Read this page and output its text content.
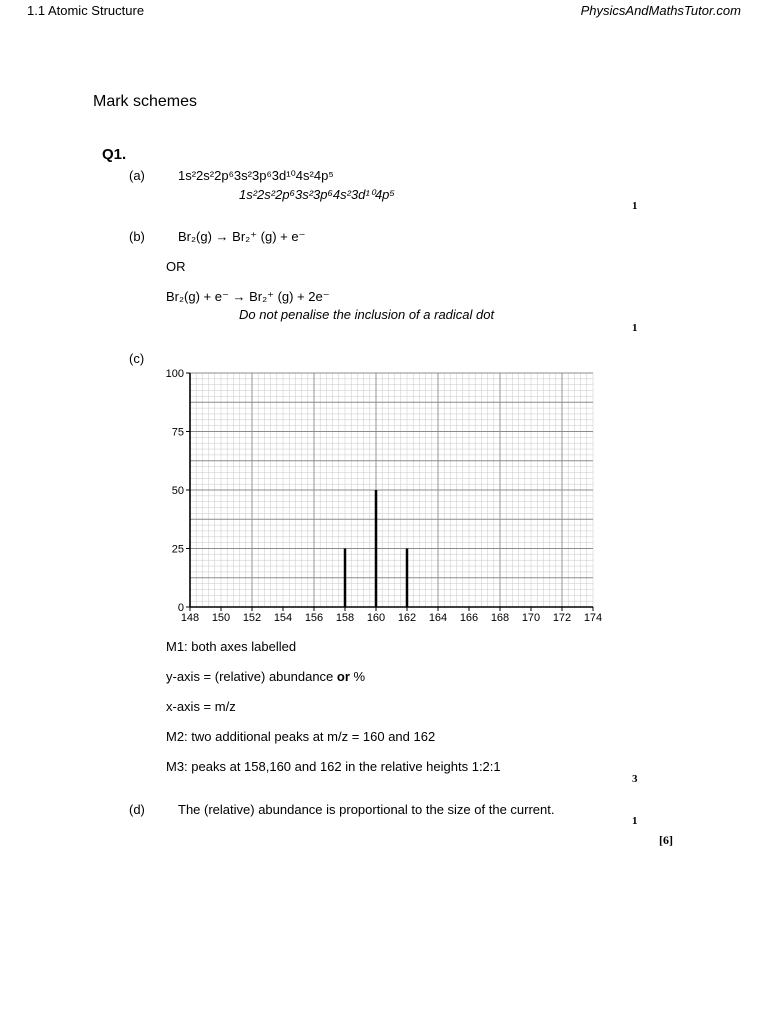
1.1 Atomic Structure	PhysicsAndMathsTutor.com
Mark schemes
Q1.
(a)	1s²2s²2p⁶3s²3p⁶3d¹⁰4s²4p⁵
1s²2s²2p⁶3s²3p⁶4s²3d¹⁰4p⁵
1
(b)	Br₂(g) → Br₂⁺ (g) + e⁻
OR
Br₂(g) + e⁻ → Br₂⁺ (g) + 2e⁻
Do not penalise the inclusion of a radical dot
1
(c)
0
25
50
75
100
148 150 152 154 156 158 160 162 164 166 168 170 172 174
M1: both axes labelled
y-axis = (relative) abundance or %
x-axis = m/z
M2: two additional peaks at m/z = 160 and 162
M3: peaks at 158,160 and 162 in the relative heights 1:2:1
3
(d)	The (relative) abundance is proportional to the size of the current.
1
[6]
